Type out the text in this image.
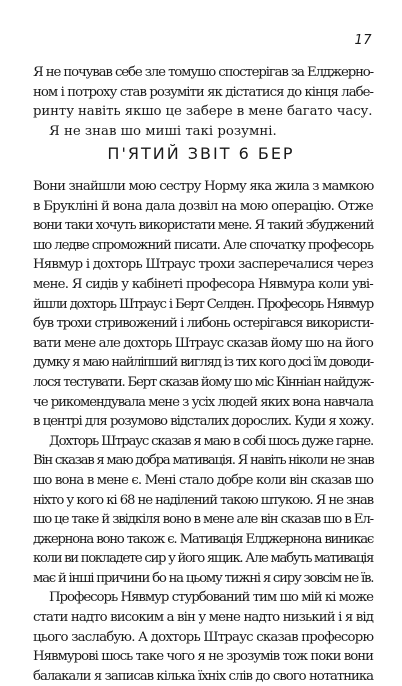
17
Я не почував себе зле томушо спостерігав за Елджерно-
ном і потроху став розуміти як дістатися до кінця лабе-
ринту навіть якшо це забере в мене багато часу.
Я не знав шо миші такі розумні.
П'ЯТИЙ ЗВІТ 6 БЕР
Вони знайшли мою сестру Норму яка жила з мамкою
в Брукліні й вона дала дозвіл на мою операцію. Отже
вони таки хочуть використати мене. Я такий збуджений
шо ледве спроможний писати. Але спочатку професорь
Нявмур і дохторь Штраус трохи засперечалися через
мене. Я сидів у кабінеті професора Нявмура коли уві-
йшли дохторь Штраус і Берт Селден. Професорь Нявмур
був трохи стривожений і либонь остерігався використи-
вати мене але дохторь Штраус сказав йому шо на його
думку я маю найліпший вигляд із тих кого досі їм доводи-
лося тестувати. Берт сказав йому шо міс Кінніан найдуж-
че рикомендувала мене з усіх людей яких вона навчала
в центрі для розумово відсталих дорослих. Куди я хожу.
Дохторь Штраус сказав я маю в собі шось дуже гарне.
Він сказав я маю добра мативація. Я навіть ніколи не знав
шо вона в мене є. Мені стало добре коли він сказав шо
ніхто у кого кі 68 не наділений такою штукою. Я не знав
шо це таке й звідкіля воно в мене але він сказав шо в Ел-
джернона воно також є. Мативація Елджернона виникає
коли ви покладете сир у його ящик. Але мабуть мативація
має й інші причини бо на цьому тижні я сиру зовсім не їв.
Професорь Нявмур стурбований тим шо мій кі може
стати надто високим а він у мене надто низький і я від
цього заслабую. А дохторь Штраус сказав професорю
Нявмурові шось таке чого я не зрозумів тож поки вони
балакали я записав кілька їхніх слів до свого нотатника
